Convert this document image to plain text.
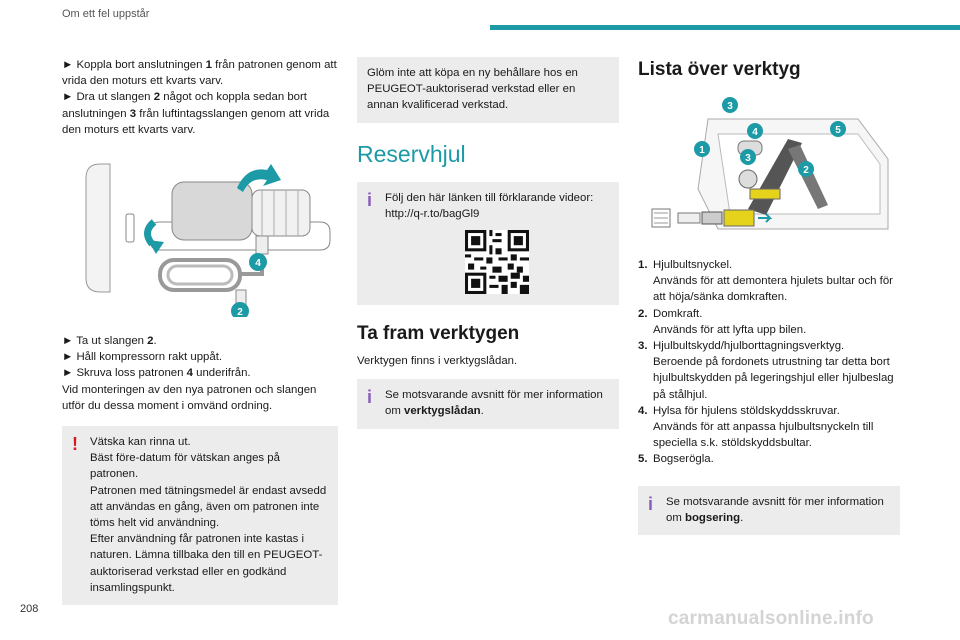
Om ett fel uppstår

► Koppla bort anslutningen 1 från patronen genom att vrida den moturs ett kvarts varv.

► Dra ut slangen 2 något och koppla sedan bort anslutningen 3 från luftintagsslangen genom att vrida den moturs ett kvarts varv.

4
2

► Ta ut slangen 2.

► Håll kompressorn rakt uppåt.

► Skruva loss patronen 4 underifrån.

Vid monteringen av den nya patronen och slangen utför du dessa moment i omvänd ordning.

! Vätska kan rinna ut.
Bäst före-datum för vätskan anges på patronen.
Patronen med tätningsmedel är endast avsedd att användas en gång, även om patronen inte töms helt vid användning.
Efter användning får patronen inte kastas i naturen. Lämna tillbaka den till en PEUGEOT-auktoriserad verkstad eller en godkänd insamlingspunkt.
Glöm inte att köpa en ny behållare hos en PEUGEOT-auktoriserad verkstad eller en annan kvalificerad verkstad.
Reservhjul
i Följ den här länken till förklarande videor: http://q-r.to/bagGl9
Ta fram verktygen

Verktygen finns i verktygslådan.

i Se motsvarande avsnitt för mer information om verktygslådan.
Lista över verktyg
3
4	5
1
3
2
1. Hjulbultsnyckel.
Används för att demontera hjulets bultar och för att höja/sänka domkraften.
2. Domkraft.
Används för att lyfta upp bilen.
3. Hjulbultskydd/hjulborttagningsverktyg.
Beroende på fordonets utrustning tar detta bort hjulbultskydden på legeringshjul eller hjulbeslag på stålhjul.
4. Hylsa för hjulens stöldskyddsskruvar.
Används för att anpassa hjulbultsnyckeln till speciella s.k. stöldskyddsbultar.
5. Bogserögla.
i Se motsvarande avsnitt för mer information om bogsering.
208	carmanualsonline.info
